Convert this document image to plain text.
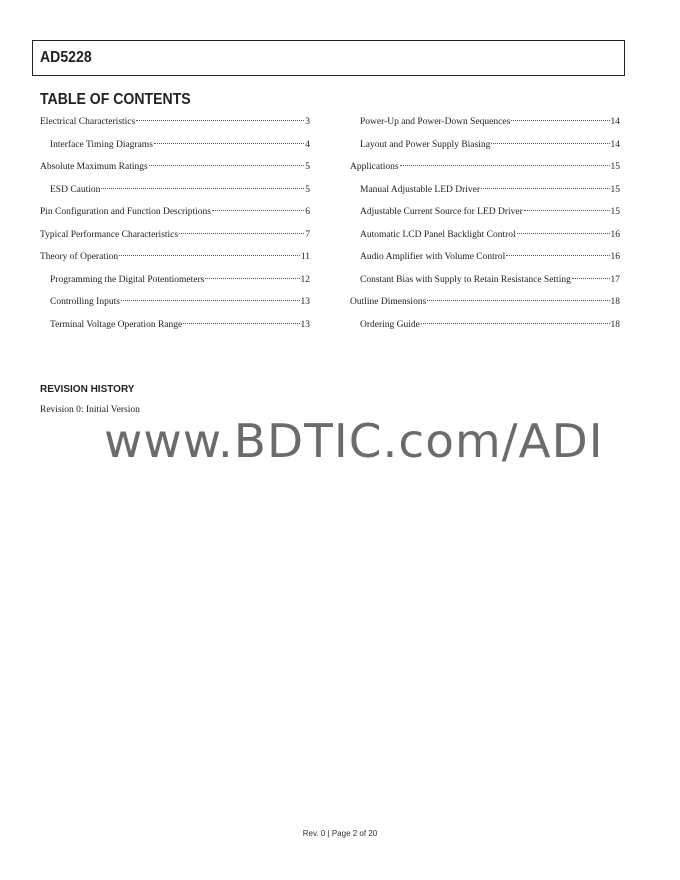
AD5228
TABLE OF CONTENTS
Electrical Characteristics	3
Interface Timing Diagrams	4
Absolute Maximum Ratings	5
ESD Caution	5
Pin Configuration and Function Descriptions	6
Typical Performance Characteristics	7
Theory of Operation	11
Programming the Digital Potentiometers	12
Controlling Inputs	13
Terminal Voltage Operation Range	13
Power-Up and Power-Down Sequences	14
Layout and Power Supply Biasing	14
Applications	15
Manual Adjustable LED Driver	15
Adjustable Current Source for LED Driver	15
Automatic LCD Panel Backlight Control	16
Audio Amplifier with Volume Control	16
Constant Bias with Supply to Retain Resistance Setting	17
Outline Dimensions	18
Ordering Guide	18
REVISION HISTORY
Revision 0: Initial Version
www.BDTIC.com/ADI
Rev. 0 | Page 2 of 20
